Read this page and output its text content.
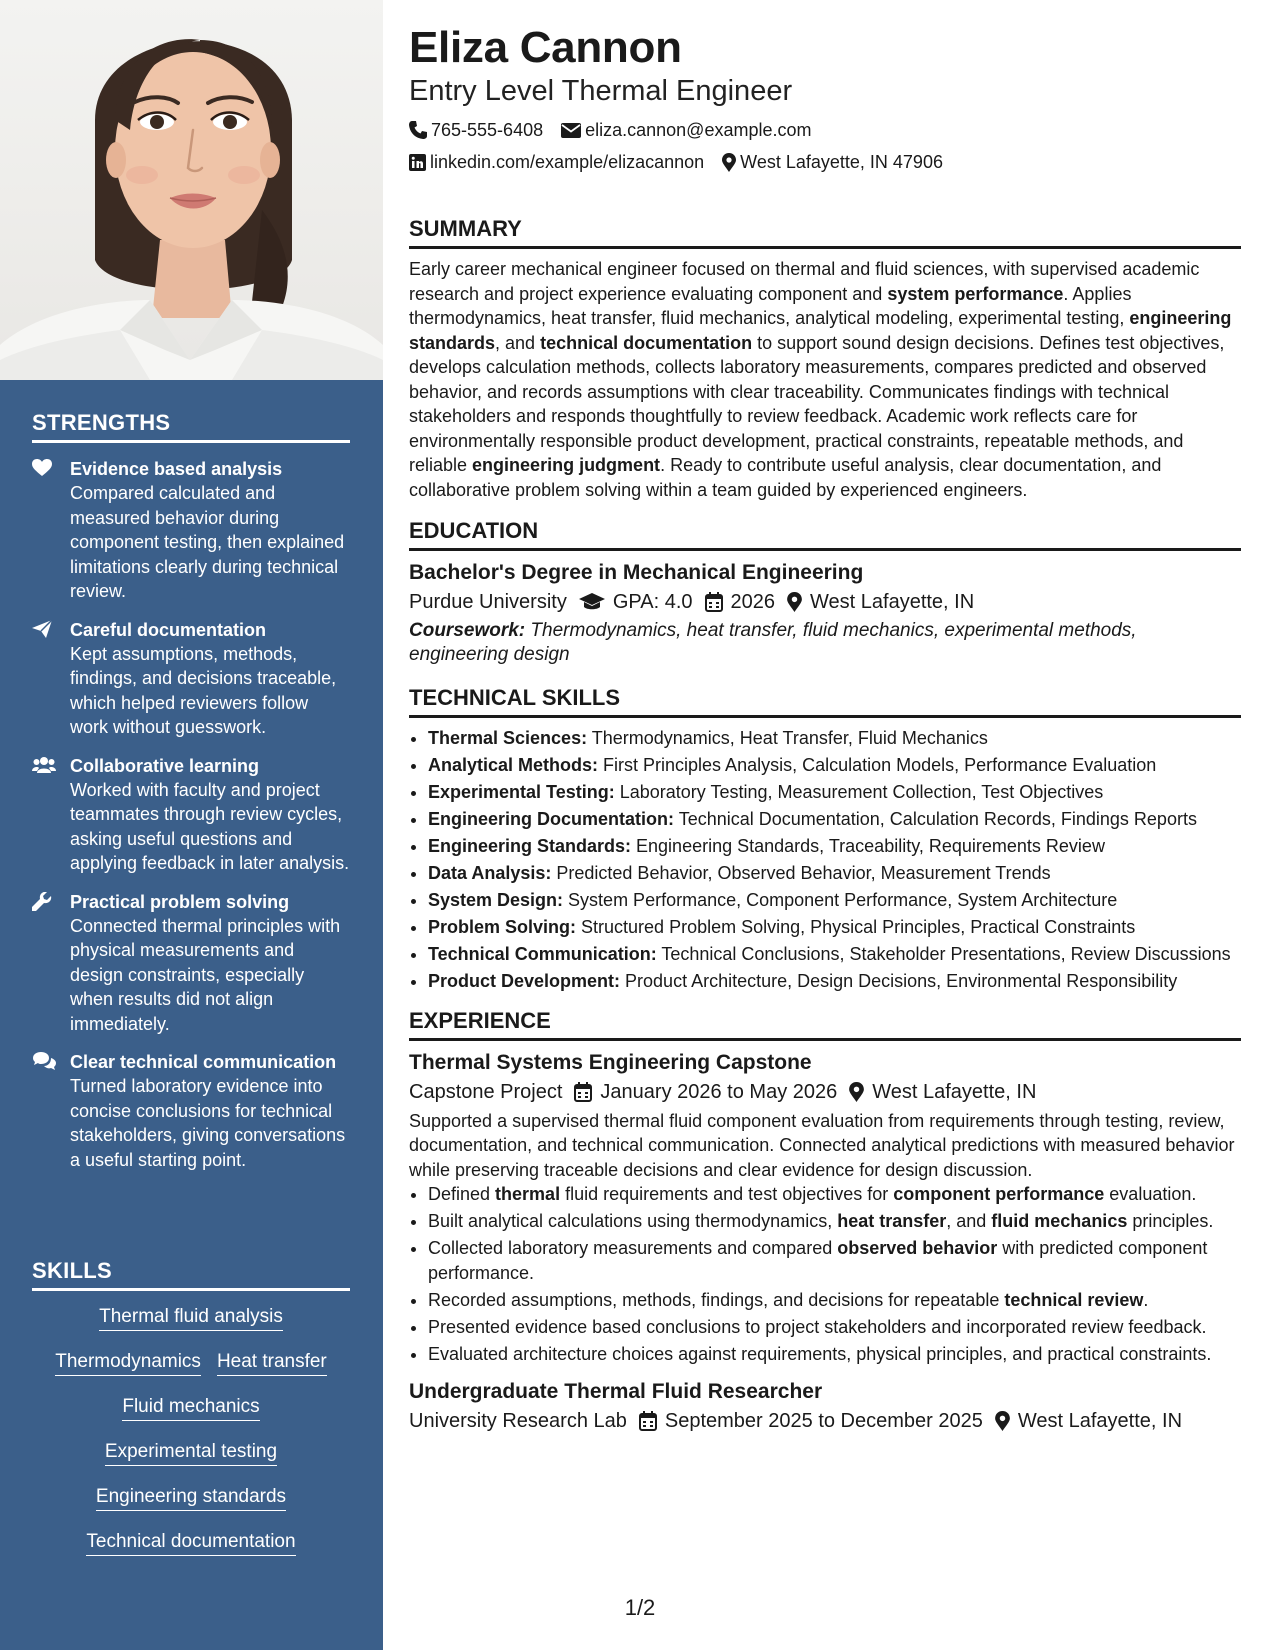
STRENGTHS
Evidence based analysis
Compared calculated and measured behavior during component testing, then explained limitations clearly during technical review.
Careful documentation
Kept assumptions, methods, findings, and decisions traceable, which helped reviewers follow work without guesswork.
Collaborative learning
Worked with faculty and project teammates through review cycles, asking useful questions and applying feedback in later analysis.
Practical problem solving
Connected thermal principles with physical measurements and design constraints, especially when results did not align immediately.
Clear technical communication
Turned laboratory evidence into concise conclusions for technical stakeholders, giving conversations a useful starting point.
SKILLS
Thermal fluid analysis
Thermodynamics Heat transfer
Fluid mechanics
Experimental testing
Engineering standards
Technical documentation
Eliza Cannon
Entry Level Thermal Engineer
765-555-6408 eliza.cannon@example.com
linkedin.com/example/elizacannon West Lafayette, IN 47906
SUMMARY

Early career mechanical engineer focused on thermal and fluid sciences, with supervised academic research and project experience evaluating component and system performance. Applies thermodynamics, heat transfer, fluid mechanics, analytical modeling, experimental testing, engineering standards, and technical documentation to support sound design decisions. Defines test objectives, develops calculation methods, collects laboratory measurements, compares predicted and observed behavior, and records assumptions with clear traceability. Communicates findings with technical stakeholders and responds thoughtfully to review feedback. Academic work reflects care for environmentally responsible product development, practical constraints, repeatable methods, and reliable engineering judgment. Ready to contribute useful analysis, clear documentation, and collaborative problem solving within a team guided by experienced engineers.

EDUCATION
Bachelor's Degree in Mechanical Engineering
Purdue University GPA: 4.0 2026 West Lafayette, IN

Coursework: Thermodynamics, heat transfer, fluid mechanics, experimental methods, engineering design

TECHNICAL SKILLS
• Thermal Sciences: Thermodynamics, Heat Transfer, Fluid Mechanics
• Analytical Methods: First Principles Analysis, Calculation Models, Performance Evaluation
• Experimental Testing: Laboratory Testing, Measurement Collection, Test Objectives
• Engineering Documentation: Technical Documentation, Calculation Records, Findings Reports
• Engineering Standards: Engineering Standards, Traceability, Requirements Review
• Data Analysis: Predicted Behavior, Observed Behavior, Measurement Trends
• System Design: System Performance, Component Performance, System Architecture
• Problem Solving: Structured Problem Solving, Physical Principles, Practical Constraints
• Technical Communication: Technical Conclusions, Stakeholder Presentations, Review Discussions
• Product Development: Product Architecture, Design Decisions, Environmental Responsibility
EXPERIENCE
Thermal Systems Engineering Capstone
Capstone Project January 2026 to May 2026 West Lafayette, IN

Supported a supervised thermal fluid component evaluation from requirements through testing, review, documentation, and technical communication. Connected analytical predictions with measured behavior while preserving traceable decisions and clear evidence for design discussion.

• Defined thermal fluid requirements and test objectives for component performance evaluation.
• Built analytical calculations using thermodynamics, heat transfer, and fluid mechanics principles.
• Collected laboratory measurements and compared observed behavior with predicted component performance.
• Recorded assumptions, methods, findings, and decisions for repeatable technical review.
• Presented evidence based conclusions to project stakeholders and incorporated review feedback.
• Evaluated architecture choices against requirements, physical principles, and practical constraints.
Undergraduate Thermal Fluid Researcher
University Research Lab September 2025 to December 2025 West Lafayette, IN
1/2
